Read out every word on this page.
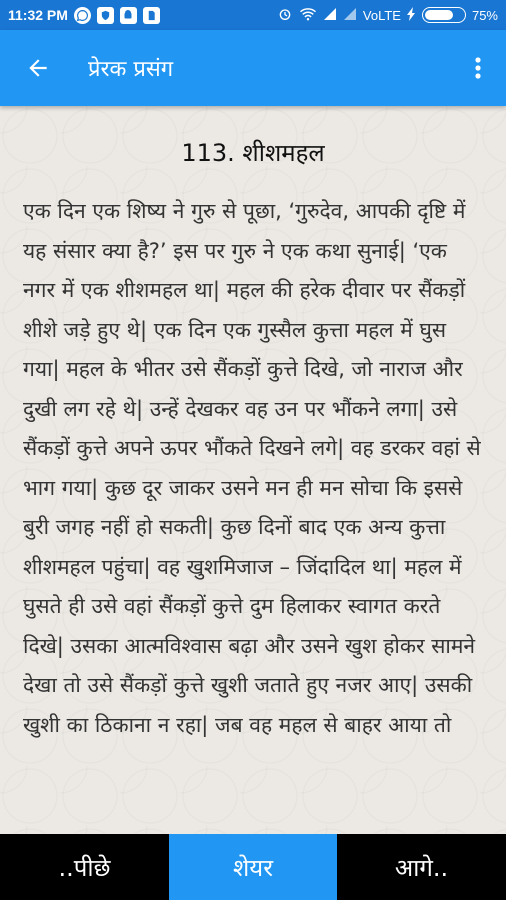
11:32 PM	VoLTE	75%
प्रेरक प्रसंग
113. शीशमहल
एक दिन एक शिष्य ने गुरु से पूछा, ‘गुरुदेव, आपकी दृष्टि में यह संसार क्या है?’ इस पर गुरु ने एक कथा सुनाई| ‘एक नगर में एक शीशमहल था| महल की हरेक दीवार पर सैंकड़ों शीशे जड़े हुए थे| एक दिन एक गुस्सैल कुत्ता महल में घुस गया| महल के भीतर उसे सैंकड़ों कुत्ते दिखे, जो नाराज और दुखी लग रहे थे| उन्हें देखकर वह उन पर भौंकने लगा| उसे सैंकड़ों कुत्ते अपने ऊपर भौंकते दिखने लगे| वह डरकर वहां से भाग गया| कुछ दूर जाकर उसने मन ही मन सोचा कि इससे बुरी जगह नहीं हो सकती| कुछ दिनों बाद एक अन्य कुत्ता शीशमहल पहुंचा| वह खुशमिजाज – जिंदादिल था| महल में घुसते ही उसे वहां सैंकड़ों कुत्ते दुम हिलाकर स्वागत करते दिखे| उसका आत्मविश्वास बढ़ा और उसने खुश होकर सामने देखा तो उसे सैंकड़ों कुत्ते खुशी जताते हुए नजर आए| उसकी खुशी का ठिकाना न रहा| जब वह महल से बाहर आया तो
..पीछे	शेयर	आगे..
